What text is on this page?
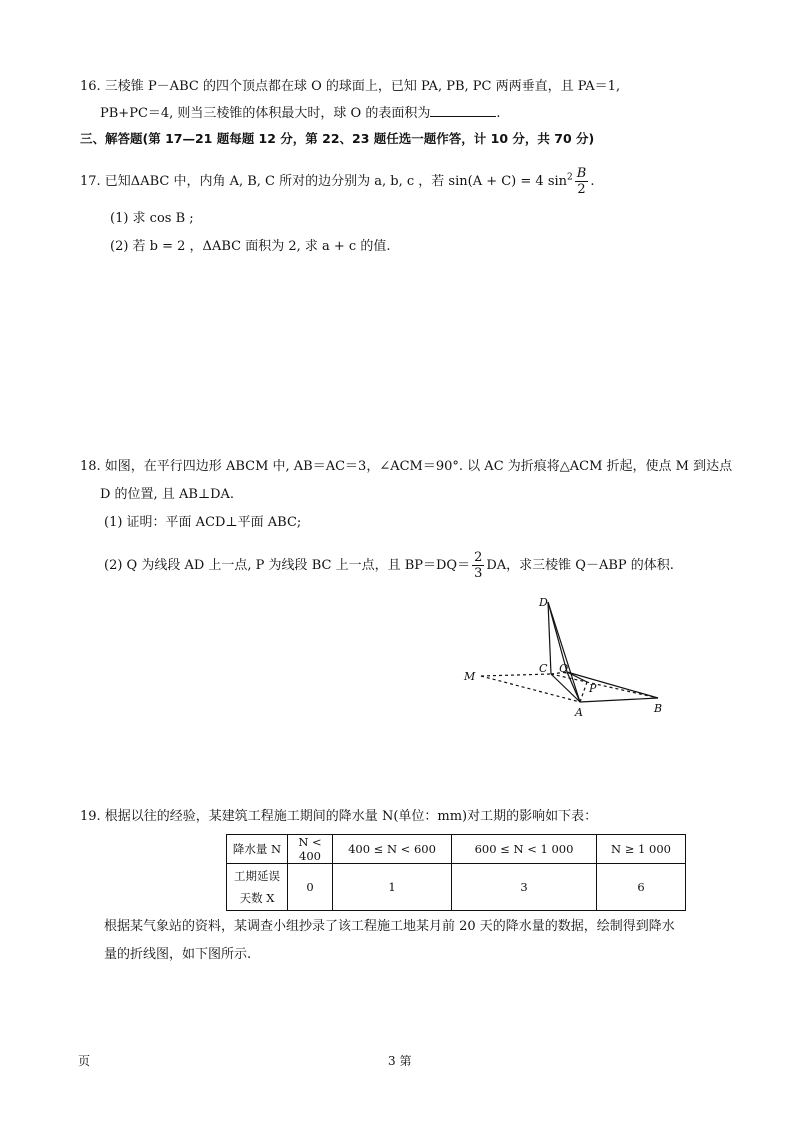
16. 三棱锥 P－ABC 的四个顶点都在球 O 的球面上，已知 PA, PB, PC 两两垂直，且 PA＝1,
PB+PC＝4, 则当三棱锥的体积最大时，球 O 的表面积为	.
三、解答题(第 17—21 题每题 12 分，第 22、23 题任选一题作答，计 10 分，共 70 分)
17. 已知ΔABC 中，内角 A, B, C 所对的边分别为 a, b, c ，若 sin(A + C) = 4 $\sin^2 \frac{B}{2}$ .
(1) 求 cos B ;
(2) 若 b = 2 ，ΔABC 面积为 2, 求 a + c 的值.
18. 如图，在平行四边形 ABCM 中, AB＝AC＝3，∠ACM＝90°. 以 AC 为折痕将△ACM 折起，使点 M 到达点
D 的位置, 且 AB⊥DA.
(1) 证明：平面 ACD⊥平面 ABC;
(2) Q 为线段 AD 上一点, P 为线段 BC 上一点，且 $BP=DQ= \frac{2}{3}$ DA，求三棱锥 Q－ABP 的体积.
D
C Q
M
P
A	B
19. 根据以往的经验，某建筑工程施工期间的降水量 N(单位：mm)对工期的影响如下表：
降水量 N	N < 400	400 ≤ N < 600	600 ≤ N < 1 000	N ≥ 1 000

工期延误
天数 X	0	1	3	6
根据某气象站的资料，某调查小组抄录了该工程施工地某月前 20 天的降水量的数据，绘制得到降水
量的折线图，如下图所示.
页	3 第
